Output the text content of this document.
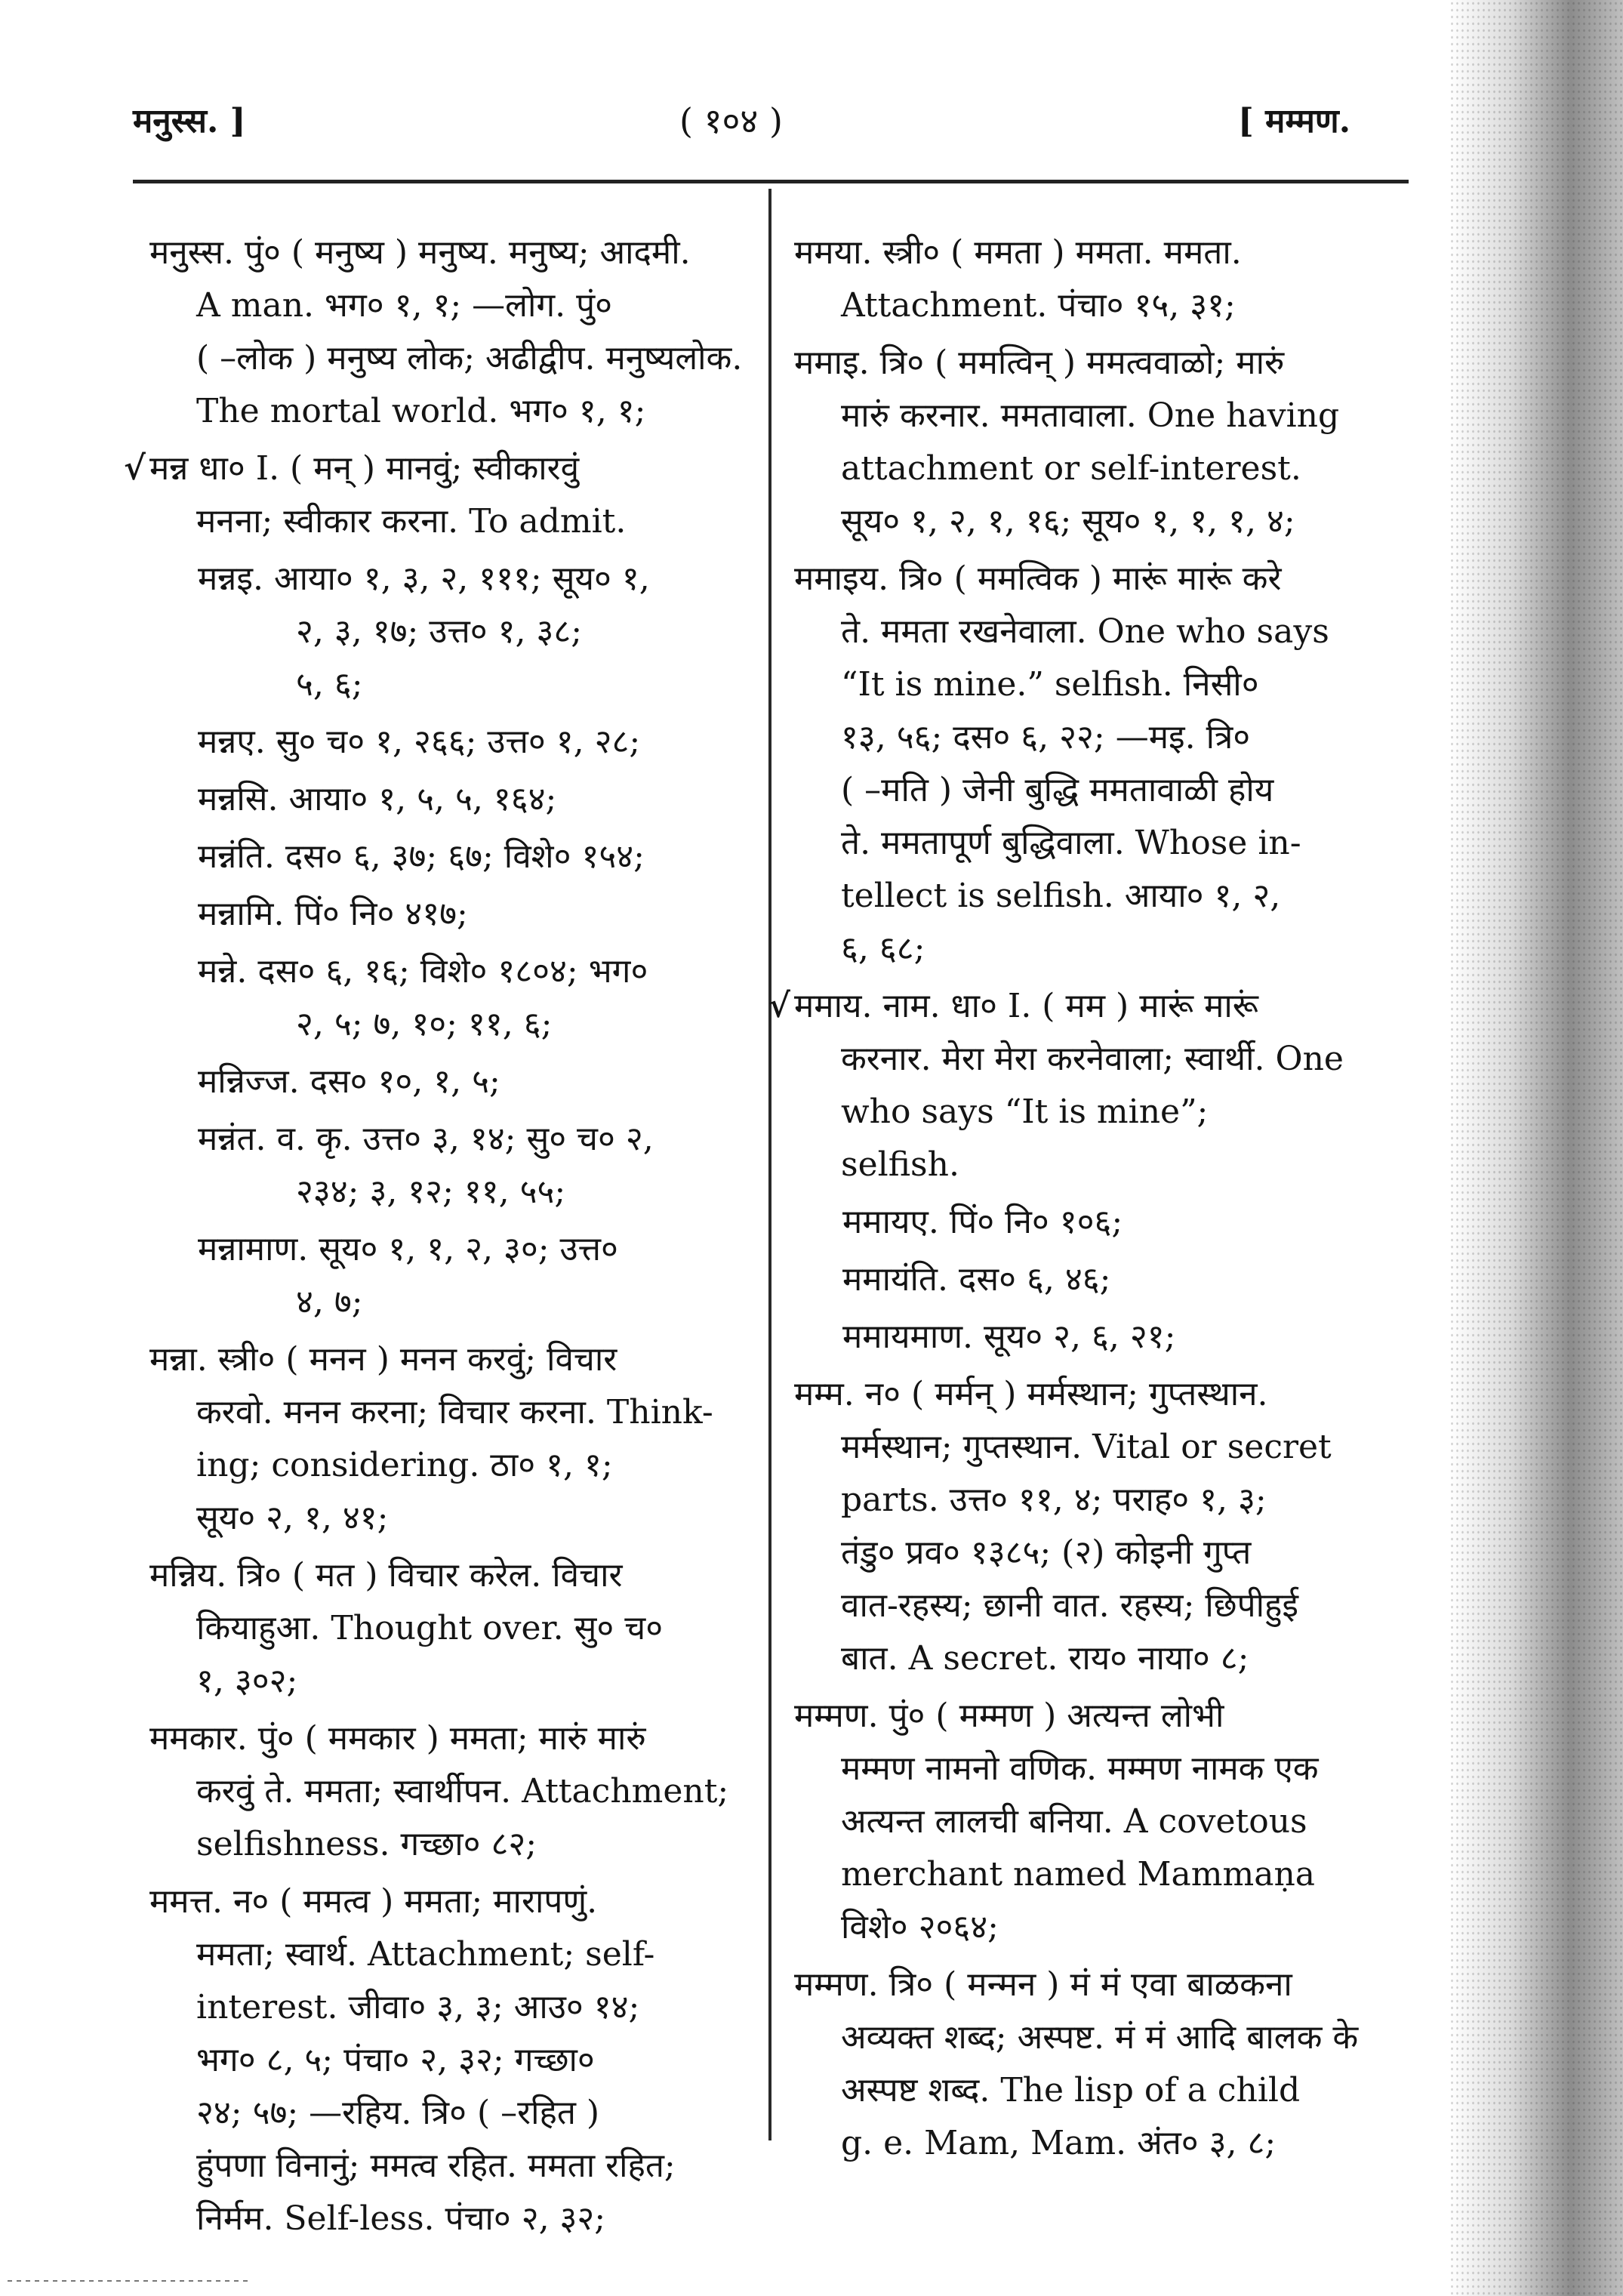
मनुस्स. ]	( १०४ )	[ मम्मण.
मनुस्स. पुं० ( मनुष्य ) मनुष्य. मनुष्य; आदमी.
A man. भग० १, १; —लोग. पुं०
( –लोक ) मनुष्य लोक; अढीद्वीप. मनुष्यलोक.
The mortal world. भग० १, १;
√ मन्न धा० I. ( मन् ) मानवुं; स्वीकारवुं
मनना; स्वीकार करना. To admit.
मन्नइ. आया० १, ३, २, १११; सूय० १,
२, ३, १७; उत्त० १, ३८;
५, ६;
मन्नए. सु० च० १, २६६; उत्त० १, २८;
मन्नसि. आया० १, ५, ५, १६४;
मन्नंति. दस० ६, ३७; ६७; विशे० १५४;
मन्नामि. पिं० नि० ४१७;
मन्ने. दस० ६, १६; विशे० १८०४; भग०
२, ५; ७, १०; ११, ६;
मन्निज्ज. दस० १०, १, ५;
मन्नंत. व. कृ. उत्त० ३, १४; सु० च० २,
२३४; ३, १२; ११, ५५;
मन्नामाण. सूय० १, १, २, ३०; उत्त०
४, ७;
मन्ना. स्त्री० ( मनन ) मनन करवुं; विचार
करवो. मनन करना; विचार करना. Think-
ing; considering. ठा० १, १;
सूय० २, १, ४१;
मन्निय. त्रि० ( मत ) विचार करेल. विचार
कियाहुआ. Thought over. सु० च०
१, ३०२;
ममकार. पुं० ( ममकार ) ममता; मारुं मारुं
करवुं ते. ममता; स्वार्थीपन. Attachment;
selfishness. गच्छा० ८२;
ममत्त. न० ( ममत्व ) ममता; मारापणुं.
ममता; स्वार्थ. Attachment; self-
interest. जीवा० ३, ३; आउ० १४;
भग० ८, ५; पंचा० २, ३२; गच्छा०
२४; ५७; —रहिय. त्रि० ( –रहित )
हुंपणा विनानुं; ममत्व रहित. ममता रहित;
निर्मम. Self-less. पंचा० २, ३२;
ममया. स्त्री० ( ममता ) ममता. ममता.
Attachment. पंचा० १५, ३१;
ममाइ. त्रि० ( ममत्विन् ) ममत्ववाळो; मारुं
मारुं करनार. ममतावाला. One having
attachment or self-interest.
सूय० १, २, १, १६; सूय० १, १, १, ४;
ममाइय. त्रि० ( ममत्विक ) मारूं मारूं करे
ते. ममता रखनेवाला. One who says
“It is mine.” selfish. निसी०
१३, ५६; दस० ६, २२; —मइ. त्रि०
( –मति ) जेनी बुद्धि ममतावाळी होय
ते. ममतापूर्ण बुद्धिवाला. Whose in-
tellect is selfish. आया० १, २,
६, ६८;
√ ममाय. नाम. धा० I. ( मम ) मारूं मारूं
करनार. मेरा मेरा करनेवाला; स्वार्थी. One
who says “It is mine”;
selfish.
ममायए. पिं० नि० १०६;
ममायंति. दस० ६, ४६;
ममायमाण. सूय० २, ६, २१;
मम्म. न० ( मर्मन् ) मर्मस्थान; गुप्तस्थान.
मर्मस्थान; गुप्तस्थान. Vital or secret
parts. उत्त० ११, ४; पराह० १, ३;
तंडु० प्रव० १३८५; (२) कोइनी गुप्त
वात-रहस्य; छानी वात. रहस्य; छिपीहुई
बात. A secret. राय० नाया० ८;
मम्मण. पुं० ( मम्मण ) अत्यन्त लोभी
मम्मण नामनो वणिक. मम्मण नामक एक
अत्यन्त लालची बनिया. A covetous
merchant named Mammaṇa
विशे० २०६४;
मम्मण. त्रि० ( मन्मन ) मं मं एवा बाळकना
अव्यक्त शब्द; अस्पष्ट. मं मं आदि बालक के
अस्पष्ट शब्द. The lisp of a child
g. e. Mam, Mam. अंत० ३, ८;
